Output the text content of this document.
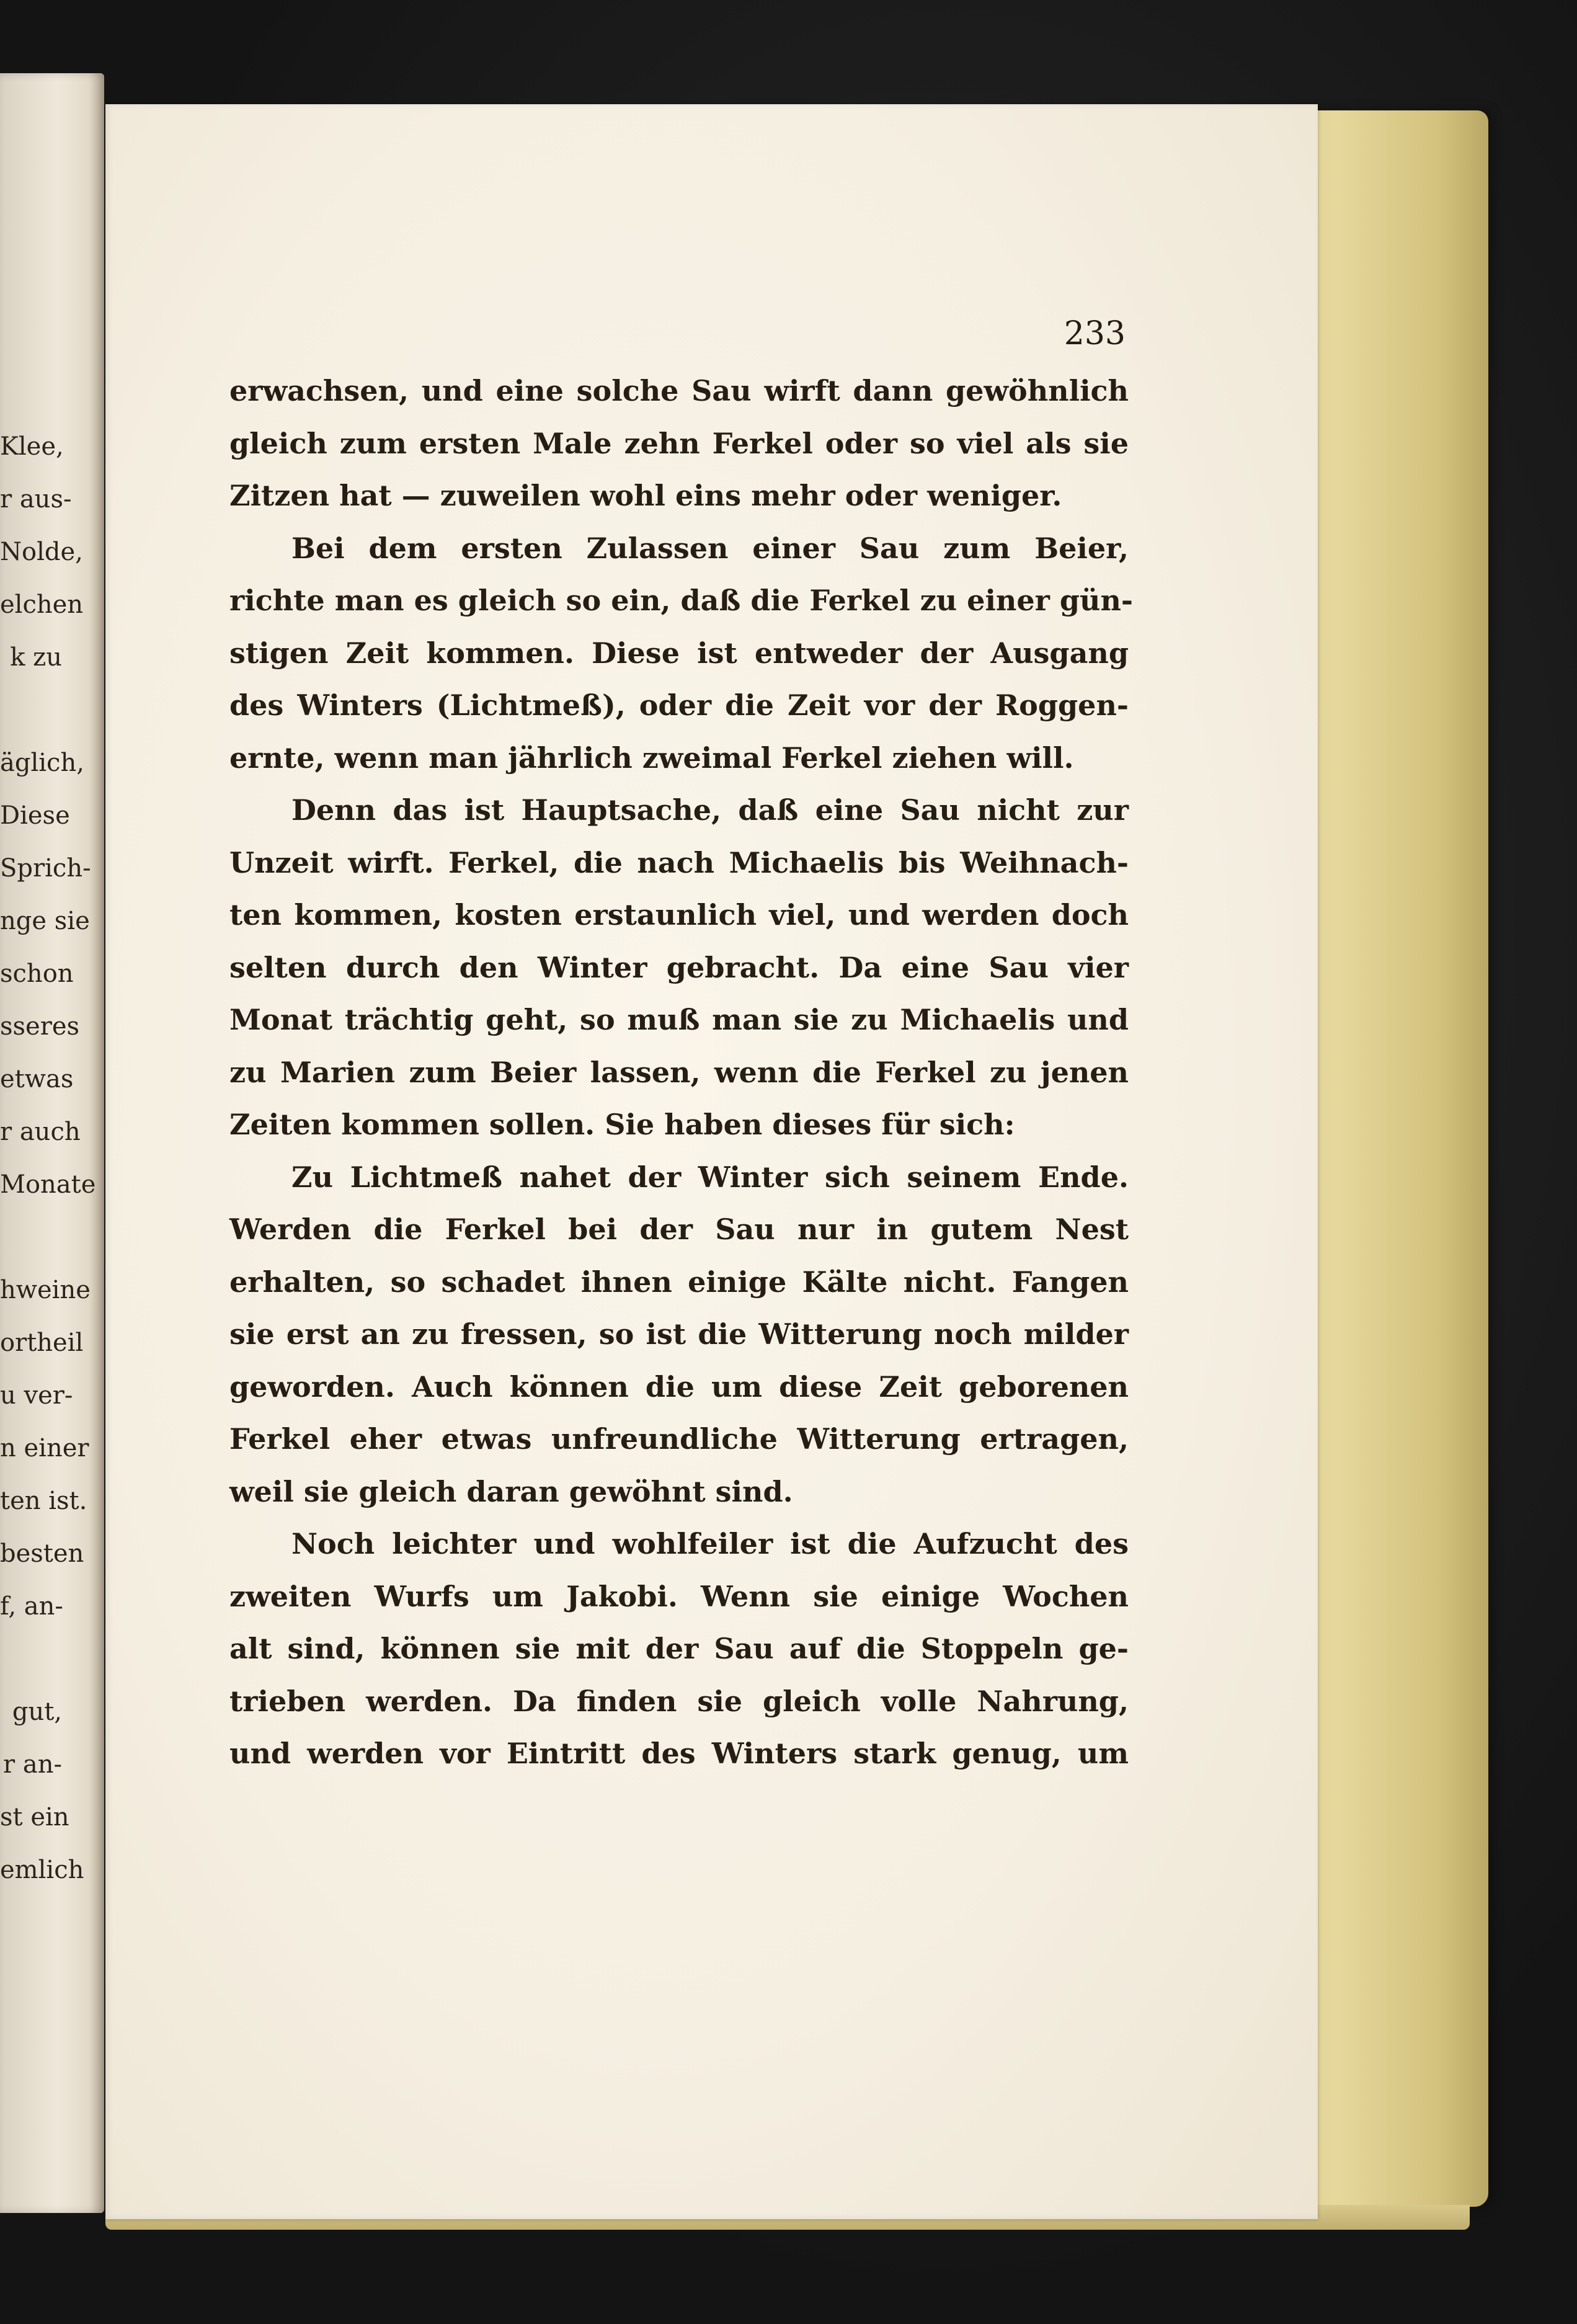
Klee,
r aus-
Nolde,
elchen
k zu
äglich,
Diese
Sprich-
nge sie
schon
sseres
etwas
r auch
Monate
hweine
ortheil
u ver-
n einer
ten ist.
besten
f, an-
gut,
r an-
st ein
emlich
233
erwachsen, und eine solche Sau wirft dann gewöhnlich
gleich zum ersten Male zehn Ferkel oder so viel als sie
Zitzen hat — zuweilen wohl eins mehr oder weniger.
Bei dem ersten Zulassen einer Sau zum Beier,
richte man es gleich so ein, daß die Ferkel zu einer gün-
stigen Zeit kommen. Diese ist entweder der Ausgang
des Winters (Lichtmeß), oder die Zeit vor der Roggen-
ernte, wenn man jährlich zweimal Ferkel ziehen will.
Denn das ist Hauptsache, daß eine Sau nicht zur
Unzeit wirft. Ferkel, die nach Michaelis bis Weihnach-
ten kommen, kosten erstaunlich viel, und werden doch
selten durch den Winter gebracht. Da eine Sau vier
Monat trächtig geht, so muß man sie zu Michaelis und
zu Marien zum Beier lassen, wenn die Ferkel zu jenen
Zeiten kommen sollen. Sie haben dieses für sich:
Zu Lichtmeß nahet der Winter sich seinem Ende.
Werden die Ferkel bei der Sau nur in gutem Nest
erhalten, so schadet ihnen einige Kälte nicht. Fangen
sie erst an zu fressen, so ist die Witterung noch milder
geworden. Auch können die um diese Zeit geborenen
Ferkel eher etwas unfreundliche Witterung ertragen,
weil sie gleich daran gewöhnt sind.
Noch leichter und wohlfeiler ist die Aufzucht des
zweiten Wurfs um Jakobi. Wenn sie einige Wochen
alt sind, können sie mit der Sau auf die Stoppeln ge-
trieben werden. Da finden sie gleich volle Nahrung,
und werden vor Eintritt des Winters stark genug, um
